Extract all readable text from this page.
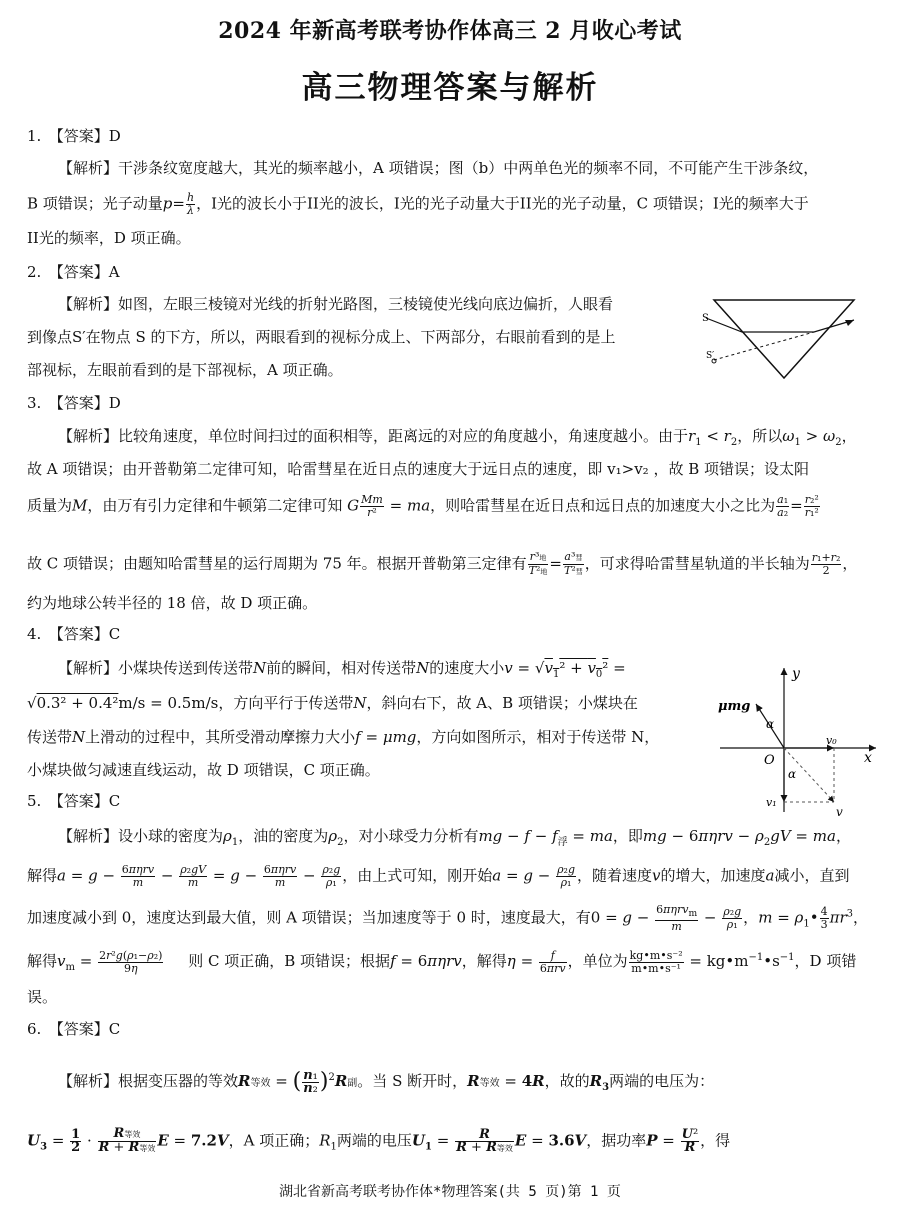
2024 年新高考联考协作体高三 2 月收心考试
高三物理答案与解析
1.　【答案】D
【解析】干涉条纹宽度越大，其光的频率越小，A 项错误；图（b）中两单色光的频率不同，不可能产生干涉条纹，
B 项错误；光子动量$p= \frac{h}{\lambda}$ ，I光的波长小于II光的波长，I光的光子动量大于II光的光子动量，C 项错误；I光的频率大于
II光的频率，D 项正确。
2.　【答案】A
【解析】如图，左眼三棱镜对光线的折射光路图，三棱镜使光线向底边偏折，人眼看
到像点S′在物点 S 的下方，所以，两眼看到的视标分成上、下两部分，右眼前看到的是上
部视标，左眼前看到的是下部视标，A 项正确。
S
S′
3.　【答案】D
【解析】比较角速度，单位时间扫过的面积相等，距离远的对应的角度越小，角速度越小。由于$r_1 < r_2$，所以$\omega_1 > \omega_2$，
故 A 项错误；由开普勒第二定律可知，哈雷彗星在近日点的速度大于远日点的速度，即 v₁>v₂ ，故 B 项错误；设太阳
质量为M，由万有引力定律和牛顿第二定律可知 G $\frac{Mm}{\text{r²}}$ = ma，则哈雷彗星在近日点和远日点的加速度大小之比为 $\frac{\text{a₁}}{\text{a₂}} = \frac{\text{r₂²}}{\text{r₁²}}$
故 C 项错误；由题知哈雷彗星的运行周期为 75 年。根据开普勒第三定律有 $\frac{\text{r³地}}{\text{T²地}} = \frac{\text{a³彗}}{\text{T²彗}}$ ，可求得哈雷彗星轨道的半长轴为 $\frac{\text{r₁+r₂}}{2}$ ，
约为地球公转半径的 18 倍，故 D 项正确。
4.　【答案】C
【解析】小煤块传送到传送带N前的瞬间，相对传送带N的速度大小$v = √v_1^2 + v_0^2$ =
√0.3² + 0.4²m/s = 0.5m/s，方向平行于传送带N，斜向右下，故 A、B 项错误；小煤块在
传送带N上滑动的过程中，其所受滑动摩擦力大小f = μmg，方向如图所示，相对于传送带 N，
小煤块做匀减速直线运动，故 D 项错误，C 项正确。
y
x
O
μmg
α
α
v₀
v₁
v
5.　【答案】C
【解析】设小球的密度为$\rho_1$，油的密度为$\rho_2$，对小球受力分析有mg − $f - f_浮$ = ma，即mg − $6\pi\eta rv - \rho_2gV$ = ma，
解得$a = g - \frac{\text{6πηrv}}{m} - \frac{\text{ρ₂gV}}{m} = g - \frac{\text{6πηrv}}{m} - \frac{\text{ρ₂g}}{\text{ρ₁}}$ ，由上式可知，刚开始$a = g - \frac{\text{ρ₂g}}{\text{ρ₁}}$ ，随着速度v的增大，加速度a减小，直到
加速度减小到 0，速度达到最大值，则 A 项错误；当加速度等于 0 时，速度最大，有$0 = g - \frac{6\pi\eta rv_m}{m} - \frac{\text{ρ₂g}}{\text{ρ₁}}$ ，$m = \rho_1• \frac{4}{3} \pi r^3$，
解得$v_m = \frac{\text{2r²g(ρ₁−ρ₂)}}{9\eta}$ 则 C 项正确，B 项错误；根据f = 6πηrv，解得$\eta = \frac{f}{\text{6πrv}}$ ，单位为 $\frac{\text{kg•m•s⁻²}}{\text{m•m•s⁻¹}}$ = $kg•m^{-1}•s^{-1}$，D 项错
误。
6.　【答案】C
【解析】根据变压器的等效R等效 = ( $\frac{\text{n₁}}{\text{n₂}} )^2R$副。当 S 断开时，R等效 = 4R，故的$R_3$两端的电压为：
$U_3 = \frac{1}{2} \cdot \frac{\text{R等效}}{\text{R + R等效}}$ E = 7.2V，A 项正确；$R_1$两端的电压$U_1 = \frac{R}{\text{R + R等效}}$ E = 3.6V，据功率$P = \frac{\text{U²}}{R}$ ，得
湖北省新高考联考协作体*物理答案(共 5 页)第 1 页
